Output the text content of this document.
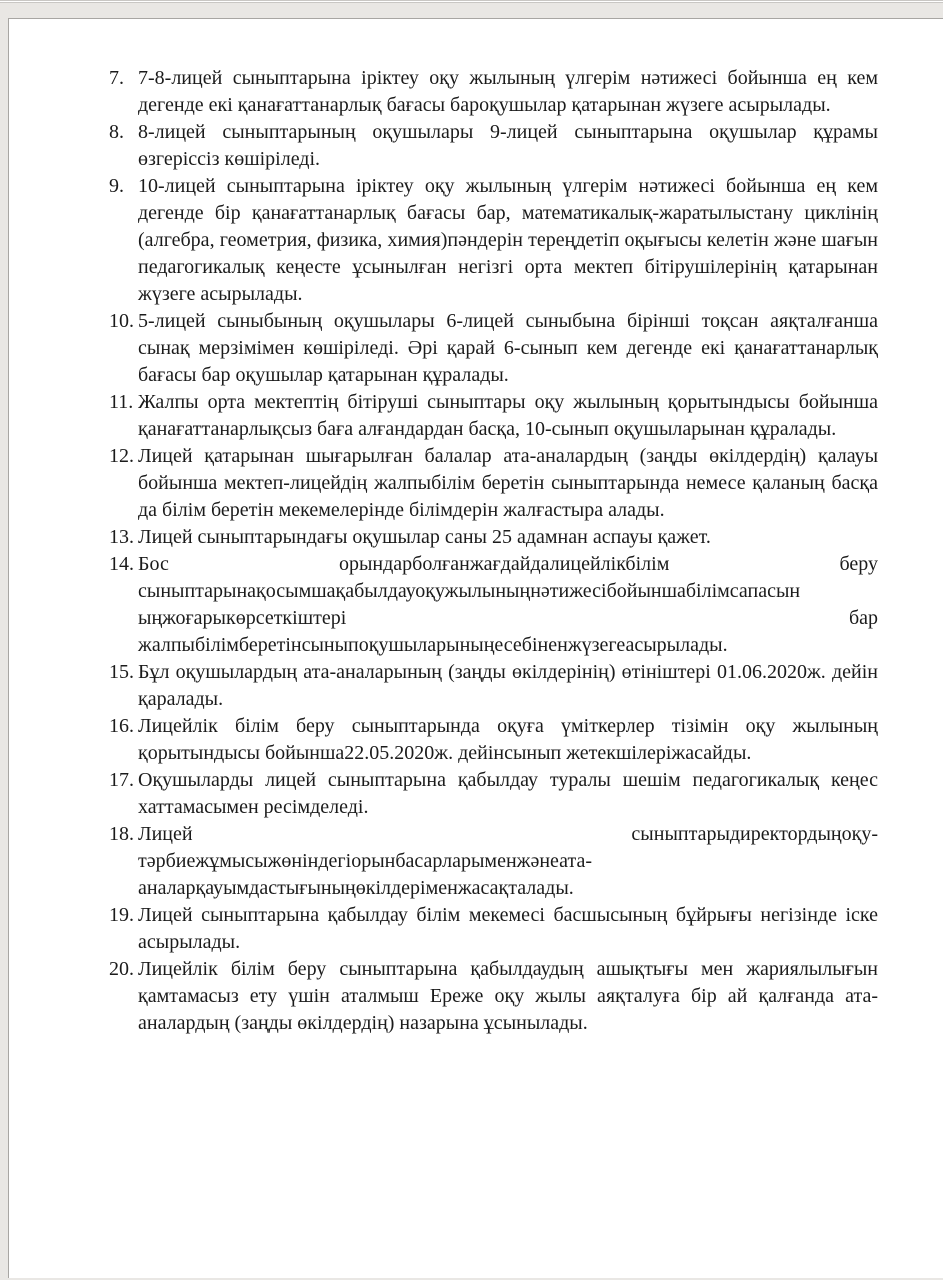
7. 7-8-лицей сыныптарына іріктеу оқу жылының үлгерім нәтижесі бойынша ең кем дегенде екі қанағаттанарлық бағасы бароқушылар қатарынан жүзеге асырылады.
8. 8-лицей сыныптарының оқушылары 9-лицей сыныптарына оқушылар құрамы өзгеріссіз көшіріледі.
9. 10-лицей сыныптарына іріктеу оқу жылының үлгерім нәтижесі бойынша ең кем дегенде бір қанағаттанарлық бағасы бар, математикалық-жаратылыстану циклінің (алгебра, геометрия, физика, химия)пәндерін тереңдетіп оқығысы келетін және шағын педагогикалық кеңесте ұсынылған негізгі орта мектеп бітірушілерінің қатарынан жүзеге асырылады.
10. 5-лицей сыныбының оқушылары 6-лицей сыныбына бірінші тоқсан аяқталғанша сынақ мерзімімен көшіріледі. Әрі қарай 6-сынып кем дегенде екі қанағаттанарлық бағасы бар оқушылар қатарынан құралады.
11. Жалпы орта мектептің бітіруші сыныптары оқу жылының қорытындысы бойынша қанағаттанарлықсыз баға алғандардан басқа, 10-сынып оқушыларынан құралады.
12. Лицей қатарынан шығарылған балалар ата-аналардың (заңды өкілдердің) қалауы бойынша мектеп-лицейдің жалпыбілім беретін сыныптарында немесе қаланың басқа да білім беретін мекемелерінде білімдерін жалғастыра алады.
13. Лицей сыныптарындағы оқушылар саны 25 адамнан аспауы қажет.
14. Бос орындарболғанжағдайдалицейлікбілім беру сыныптарынақосымшақабылдауоқужылыныңнәтижесібойыншабілімсапасын ыңжоғарыкөрсеткіштері бар жалпыбілімберетінсыныпоқушыларыныңесебіненжүзегеасырылады.
15. Бұл оқушылардың ата-аналарының (заңды өкілдерінің) өтініштері 01.06.2020ж. дейін қаралады.
16. Лицейлік білім беру сыныптарында оқуға үміткерлер тізімін оқу жылының қорытындысы бойынша22.05.2020ж. дейінсынып жетекшілеріжасайды.
17. Оқушыларды лицей сыныптарына қабылдау туралы шешім педагогикалық кеңес хаттамасымен ресімделеді.
18. Лицей сыныптарыдиректордыңоқу-тәрбиежұмысыжөніндегіорынбасарларыменжәнеата-аналарқауымдастығыныңөкілдеріменжасақталады.
19. Лицей сыныптарына қабылдау білім мекемесі басшысының бұйрығы негізінде іске асырылады.
20. Лицейлік білім беру сыныптарына қабылдаудың ашықтығы мен жариялылығын қамтамасыз ету үшін аталмыш Ереже оқу жылы аяқталуға бір ай қалғанда ата-аналардың (заңды өкілдердің) назарына ұсынылады.
